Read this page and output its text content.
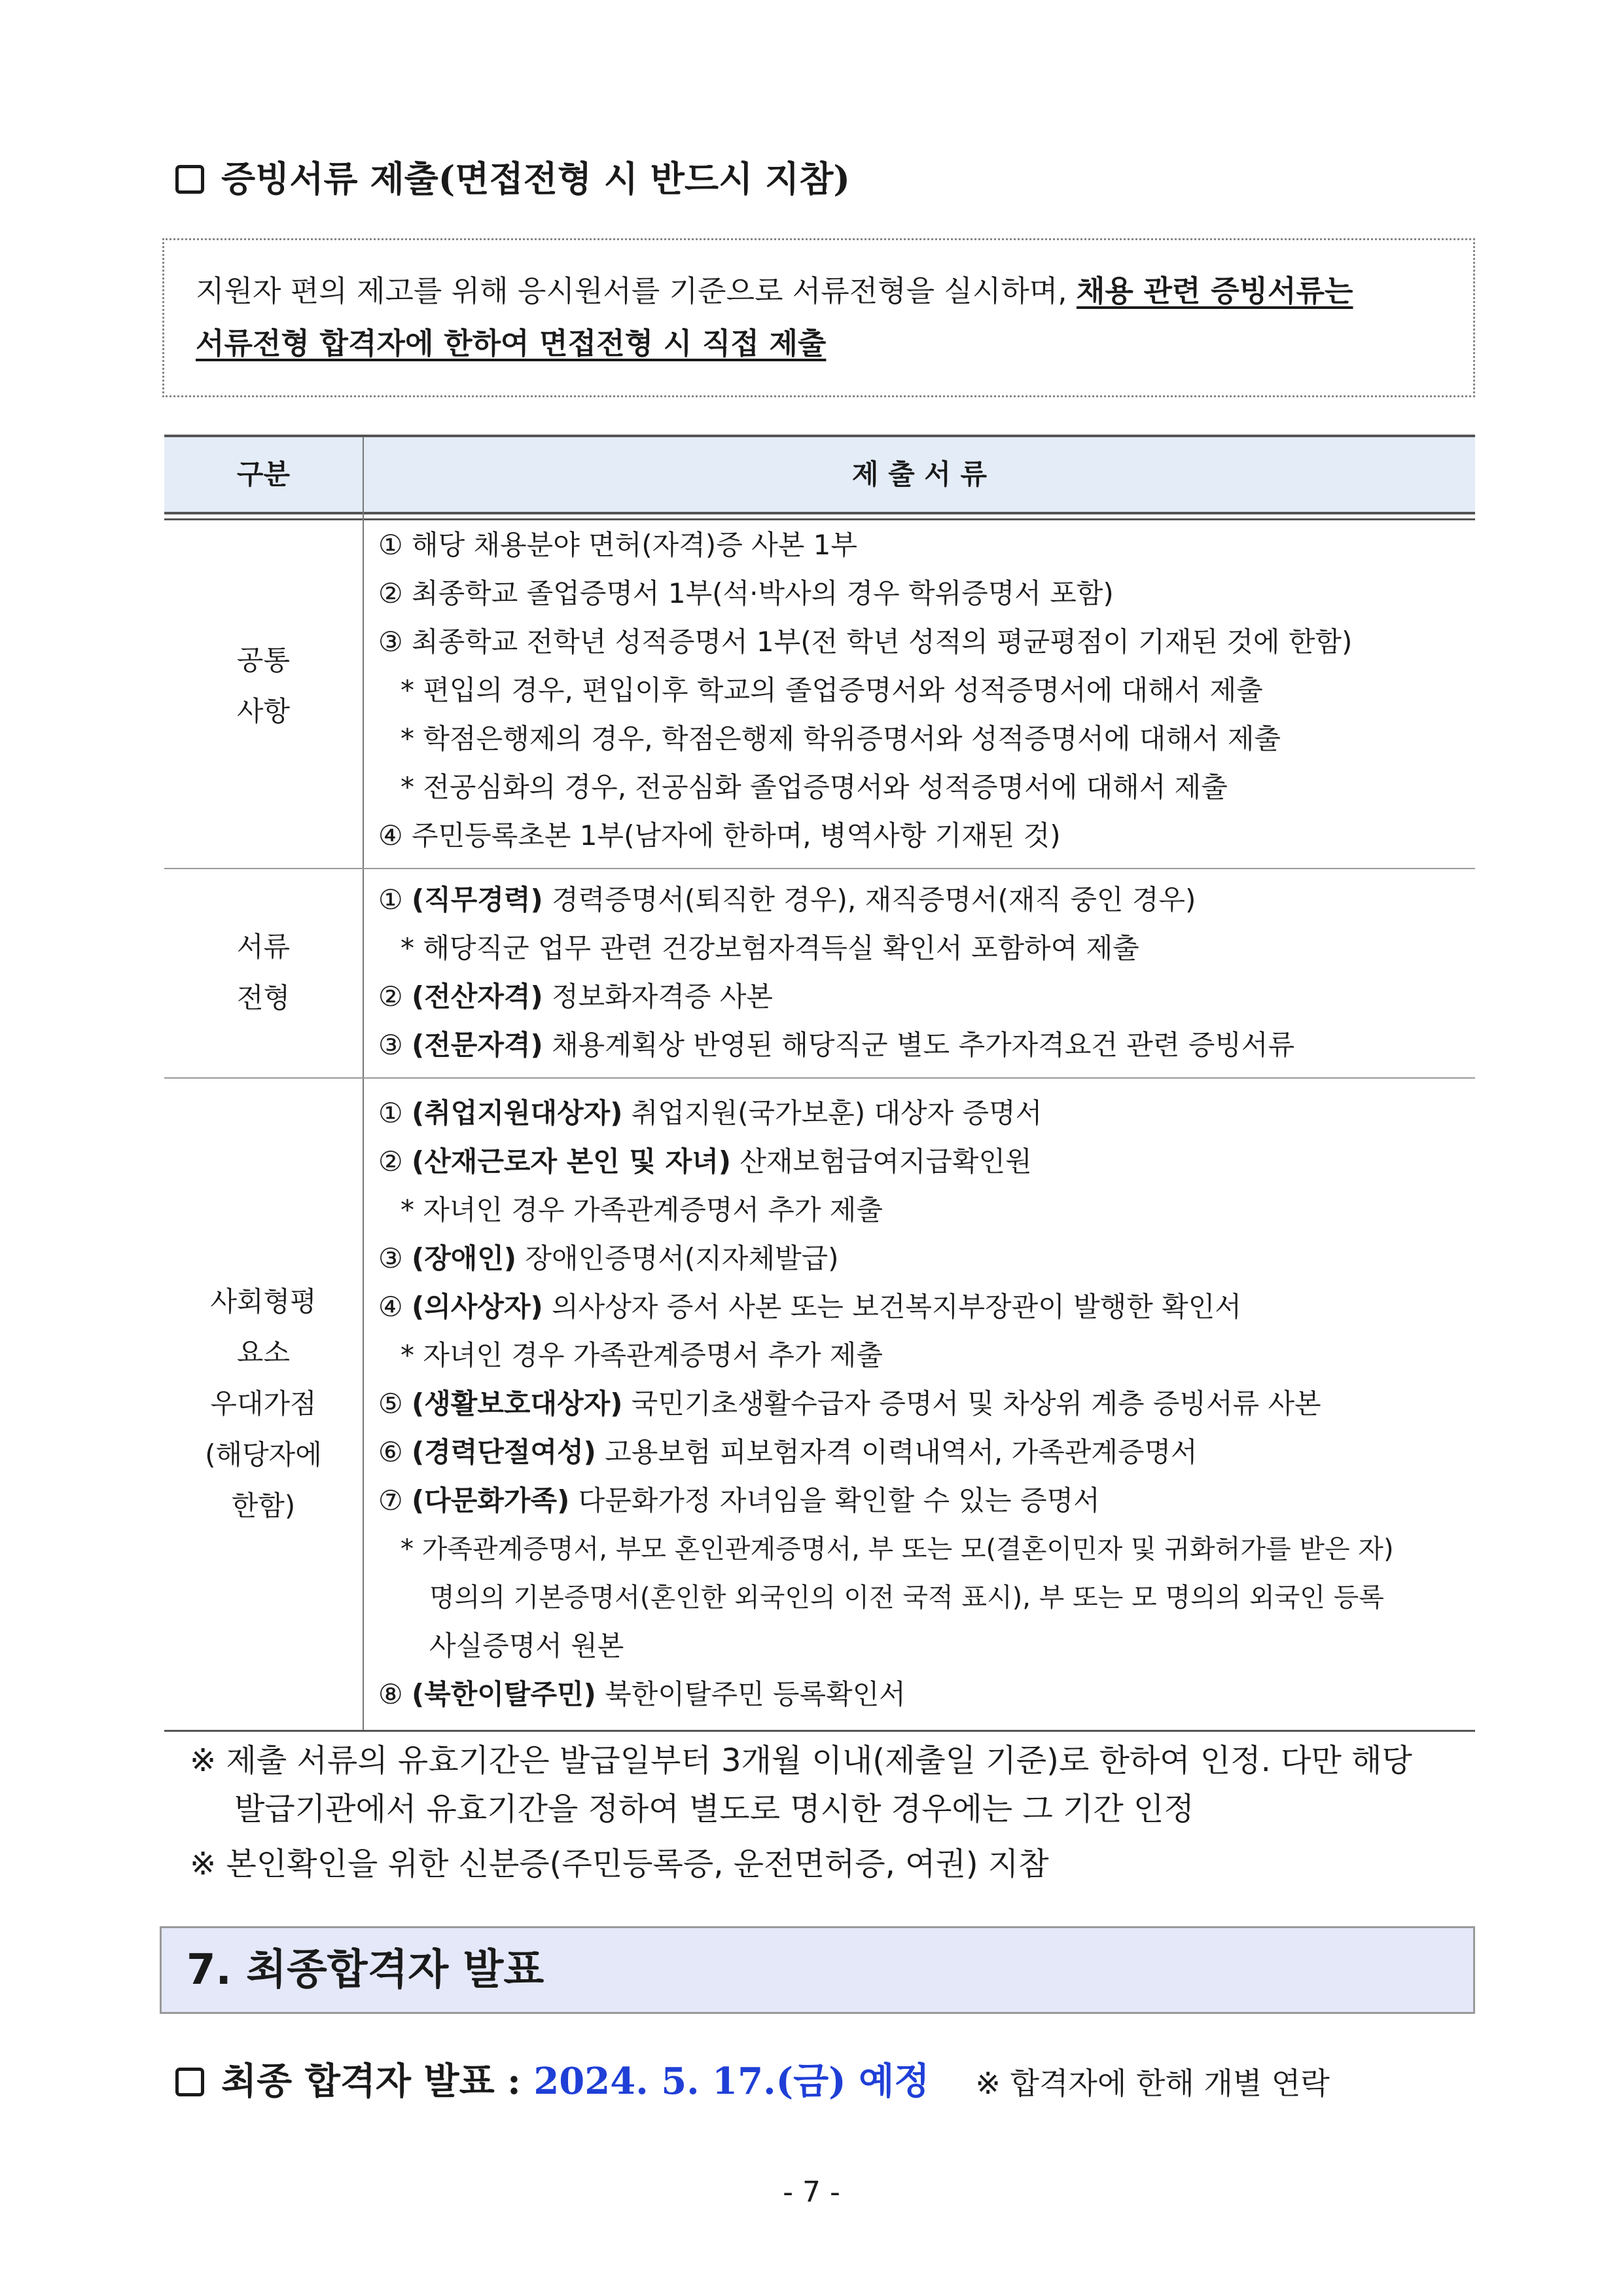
증빙서류 제출(면접전형 시 반드시 지참)

지원자 편의 제고를 위해 응시원서를 기준으로 서류전형을 실시하며, 채용 관련 증빙서류는

서류전형 합격자에 한하여 면접전형 시 직접 제출

구분	제 출 서 류
공통
사항
① 해당 채용분야 면허(자격)증 사본 1부
② 최종학교 졸업증명서 1부(석·박사의 경우 학위증명서 포함)
③ 최종학교 전학년 성적증명서 1부(전 학년 성적의 평균평점이 기재된 것에 한함)
* 편입의 경우, 편입이후 학교의 졸업증명서와 성적증명서에 대해서 제출
* 학점은행제의 경우, 학점은행제 학위증명서와 성적증명서에 대해서 제출
* 전공심화의 경우, 전공심화 졸업증명서와 성적증명서에 대해서 제출
④ 주민등록초본 1부(남자에 한하며, 병역사항 기재된 것)
서류
전형
① (직무경력) 경력증명서(퇴직한 경우), 재직증명서(재직 중인 경우)
* 해당직군 업무 관련 건강보험자격득실 확인서 포함하여 제출
② (전산자격) 정보화자격증 사본
③ (전문자격) 채용계획상 반영된 해당직군 별도 추가자격요건 관련 증빙서류
사회형평
요소
우대가점
(해당자에
한함)
① (취업지원대상자) 취업지원(국가보훈) 대상자 증명서
② (산재근로자 본인 및 자녀) 산재보험급여지급확인원
* 자녀인 경우 가족관계증명서 추가 제출
③ (장애인) 장애인증명서(지자체발급)
④ (의사상자) 의사상자 증서 사본 또는 보건복지부장관이 발행한 확인서
* 자녀인 경우 가족관계증명서 추가 제출
⑤ (생활보호대상자) 국민기초생활수급자 증명서 및 차상위 계층 증빙서류 사본
⑥ (경력단절여성) 고용보험 피보험자격 이력내역서, 가족관계증명서
⑦ (다문화가족) 다문화가정 자녀임을 확인할 수 있는 증명서
* 가족관계증명서, 부모 혼인관계증명서, 부 또는 모(결혼이민자 및 귀화허가를 받은 자)
명의의 기본증명서(혼인한 외국인의 이전 국적 표시), 부 또는 모 명의의 외국인 등록
사실증명서 원본
⑧ (북한이탈주민) 북한이탈주민 등록확인서
※ 제출 서류의 유효기간은 발급일부터 3개월 이내(제출일 기준)로 한하여 인정. 다만 해당
발급기관에서 유효기간을 정하여 별도로 명시한 경우에는 그 기간 인정
※ 본인확인을 위한 신분증(주민등록증, 운전면허증, 여권) 지참
7. 최종합격자 발표
최종 합격자 발표 : 2024. 5. 17.(금) 예정 ※ 합격자에 한해 개별 연락
- 7 -
